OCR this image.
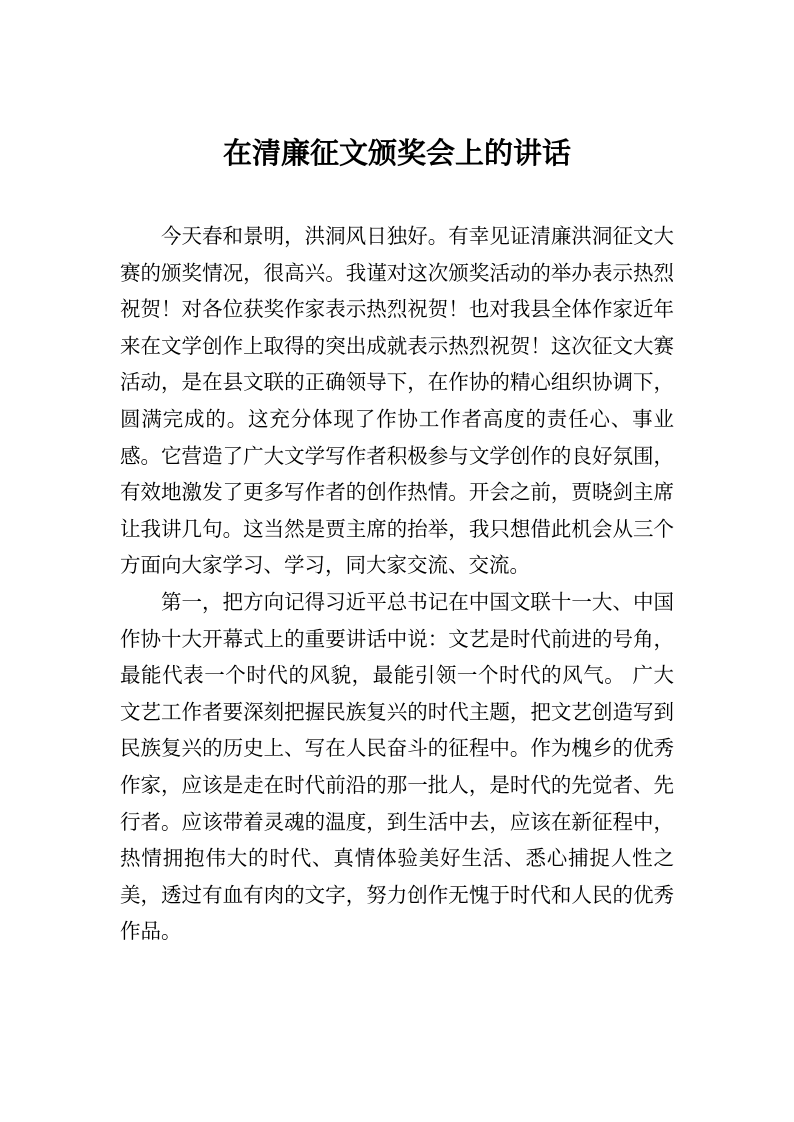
在清廉征文颁奖会上的讲话

今天春和景明，洪洞风日独好。有幸见证清廉洪洞征文大赛的颁奖情况，很高兴。我谨对这次颁奖活动的举办表示热烈祝贺！对各位获奖作家表示热烈祝贺！也对我县全体作家近年来在文学创作上取得的突出成就表示热烈祝贺！这次征文大赛活动，是在县文联的正确领导下，在作协的精心组织协调下，圆满完成的。这充分体现了作协工作者高度的责任心、事业感。它营造了广大文学写作者积极参与文学创作的良好氛围，有效地激发了更多写作者的创作热情。开会之前，贾晓剑主席让我讲几句。这当然是贾主席的抬举，我只想借此机会从三个方面向大家学习、学习，同大家交流、交流。

第一，把方向记得习近平总书记在中国文联十一大、中国作协十大开幕式上的重要讲话中说：文艺是时代前进的号角，最能代表一个时代的风貌，最能引领一个时代的风气。 广大文艺工作者要深刻把握民族复兴的时代主题，把文艺创造写到民族复兴的历史上、写在人民奋斗的征程中。作为槐乡的优秀作家，应该是走在时代前沿的那一批人，是时代的先觉者、先行者。应该带着灵魂的温度，到生活中去，应该在新征程中，热情拥抱伟大的时代、真情体验美好生活、悉心捕捉人性之美，透过有血有肉的文字，努力创作无愧于时代和人民的优秀作品。
